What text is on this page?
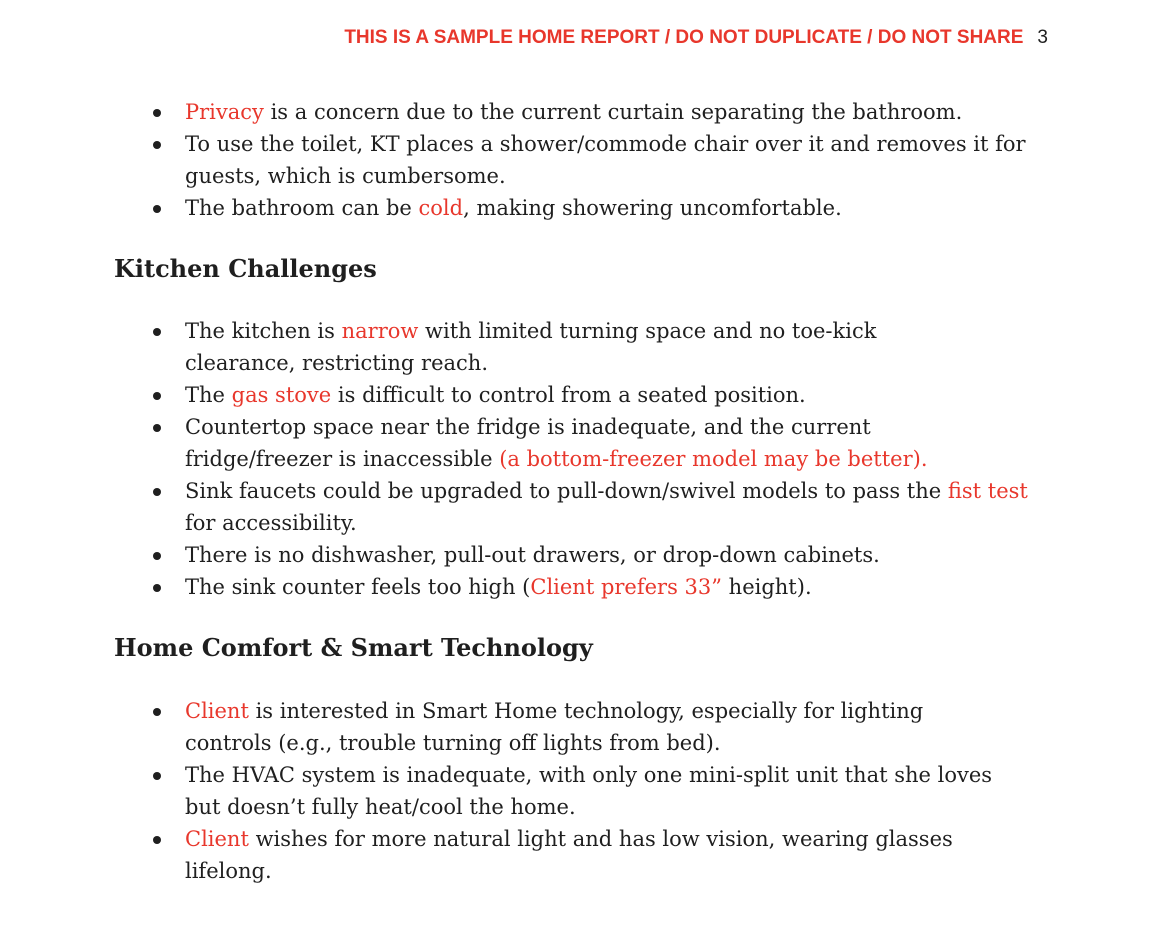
THIS IS A SAMPLE HOME REPORT / DO NOT DUPLICATE / DO NOT SHARE 3
Privacy is a concern due to the current curtain separating the bathroom.
To use the toilet, KT places a shower/commode chair over it and removes it for guests, which is cumbersome.
The bathroom can be cold, making showering uncomfortable.
Kitchen Challenges
The kitchen is narrow with limited turning space and no toe-kick
clearance, restricting reach.
The gas stove is difficult to control from a seated position.
Countertop space near the fridge is inadequate, and the current
fridge/freezer is inaccessible (a bottom-freezer model may be better).
Sink faucets could be upgraded to pull-down/swivel models to pass the fist test for accessibility.
There is no dishwasher, pull-out drawers, or drop-down cabinets.
The sink counter feels too high (Client prefers 33” height).
Home Comfort & Smart Technology
Client is interested in Smart Home technology, especially for lighting
controls (e.g., trouble turning off lights from bed).
The HVAC system is inadequate, with only one mini-split unit that she loves
but doesn’t fully heat/cool the home.
Client wishes for more natural light and has low vision, wearing glasses
lifelong.
